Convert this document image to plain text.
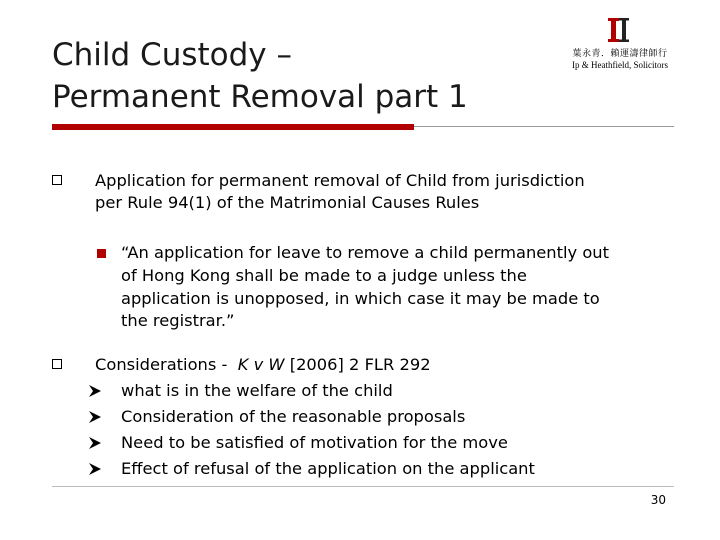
Child Custody –
Permanent Removal part 1
葉永青．賴運濤律師行
Ip & Heathfield, Solicitors
Application for permanent removal of Child from jurisdiction
per Rule 94(1) of the Matrimonial Causes Rules
“An application for leave to remove a child permanently out
of Hong Kong shall be made to a judge unless the
application is unopposed, in which case it may be made to
the registrar.”
Considerations - K v W [2006] 2 FLR 292
what is in the welfare of the child
Consideration of the reasonable proposals
Need to be satisfied of motivation for the move
Effect of refusal of the application on the applicant
30
